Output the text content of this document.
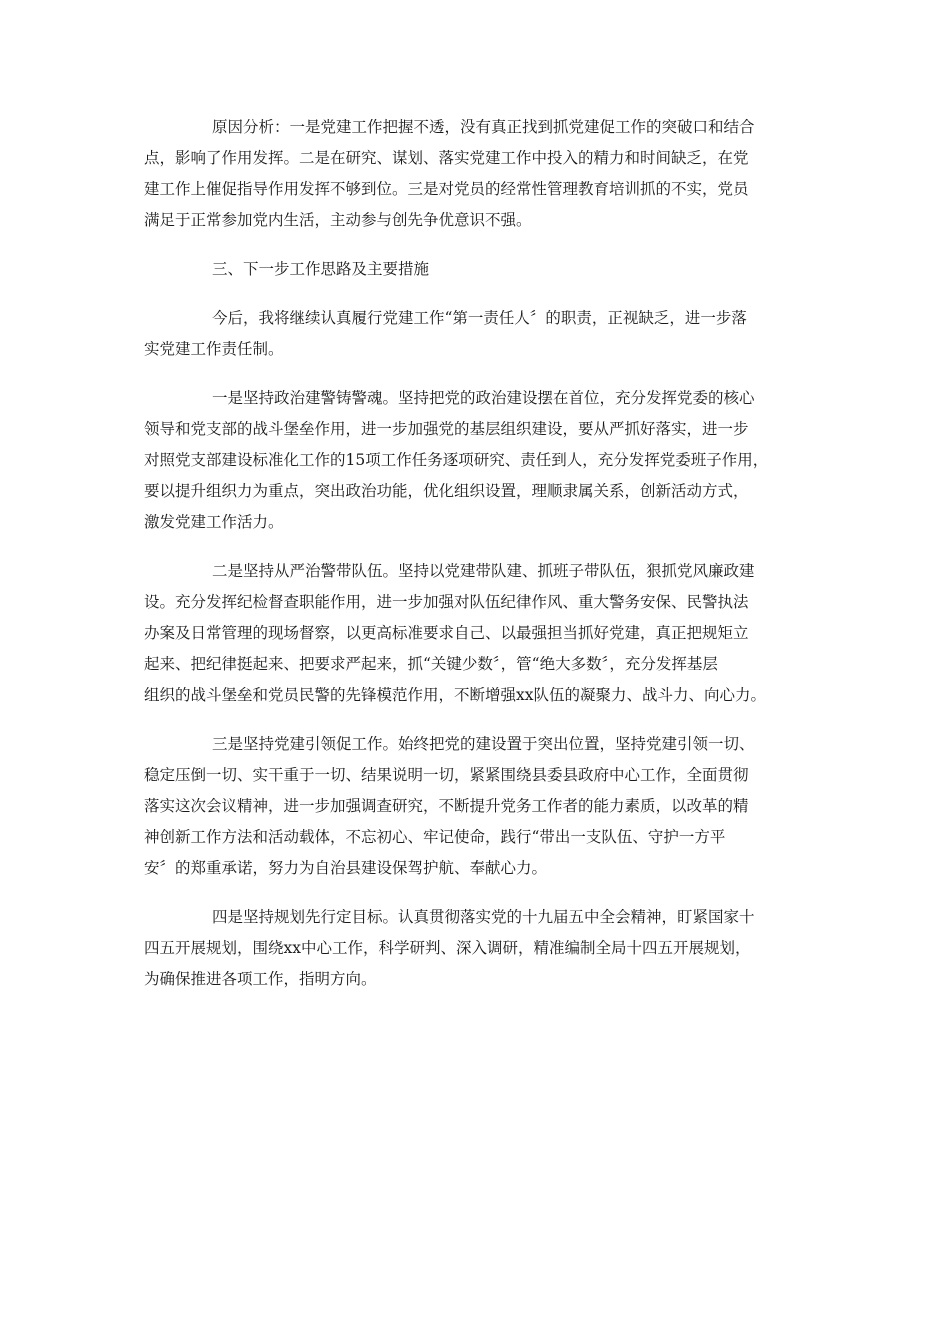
原因分析：一是党建工作把握不透，没有真正找到抓党建促工作的突破口和结合
点，影响了作用发挥。二是在研究、谋划、落实党建工作中投入的精力和时间缺乏，在党
建工作上催促指导作用发挥不够到位。三是对党员的经常性管理教育培训抓的不实，党员
满足于正常参加党内生活，主动参与创先争优意识不强。
三、下一步工作思路及主要措施
今后，我将继续认真履行党建工作“第一责任人〞的职责，正视缺乏，进一步落
实党建工作责任制。
一是坚持政治建警铸警魂。坚持把党的政治建设摆在首位，充分发挥党委的核心
领导和党支部的战斗堡垒作用，进一步加强党的基层组织建设，要从严抓好落实，进一步
对照党支部建设标准化工作的15项工作任务逐项研究、责任到人，充分发挥党委班子作用，
要以提升组织力为重点，突出政治功能，优化组织设置，理顺隶属关系，创新活动方式，
激发党建工作活力。
二是坚持从严治警带队伍。坚持以党建带队建、抓班子带队伍，狠抓党风廉政建
设。充分发挥纪检督查职能作用，进一步加强对队伍纪律作风、重大警务安保、民警执法
办案及日常管理的现场督察，以更高标准要求自己、以最强担当抓好党建，真正把规矩立
起来、把纪律挺起来、把要求严起来，抓“关键少数〞，管“绝大多数〞，充分发挥基层
组织的战斗堡垒和党员民警的先锋模范作用，不断增强xx队伍的凝聚力、战斗力、向心力。
三是坚持党建引领促工作。始终把党的建设置于突出位置，坚持党建引领一切、
稳定压倒一切、实干重于一切、结果说明一切，紧紧围绕县委县政府中心工作，全面贯彻
落实这次会议精神，进一步加强调查研究，不断提升党务工作者的能力素质，以改革的精
神创新工作方法和活动载体，不忘初心、牢记使命，践行“带出一支队伍、守护一方平
安〞的郑重承诺，努力为自治县建设保驾护航、奉献心力。
四是坚持规划先行定目标。认真贯彻落实党的十九届五中全会精神，盯紧国家十
四五开展规划，围绕xx中心工作，科学研判、深入调研，精准编制全局十四五开展规划，
为确保推进各项工作，指明方向。
